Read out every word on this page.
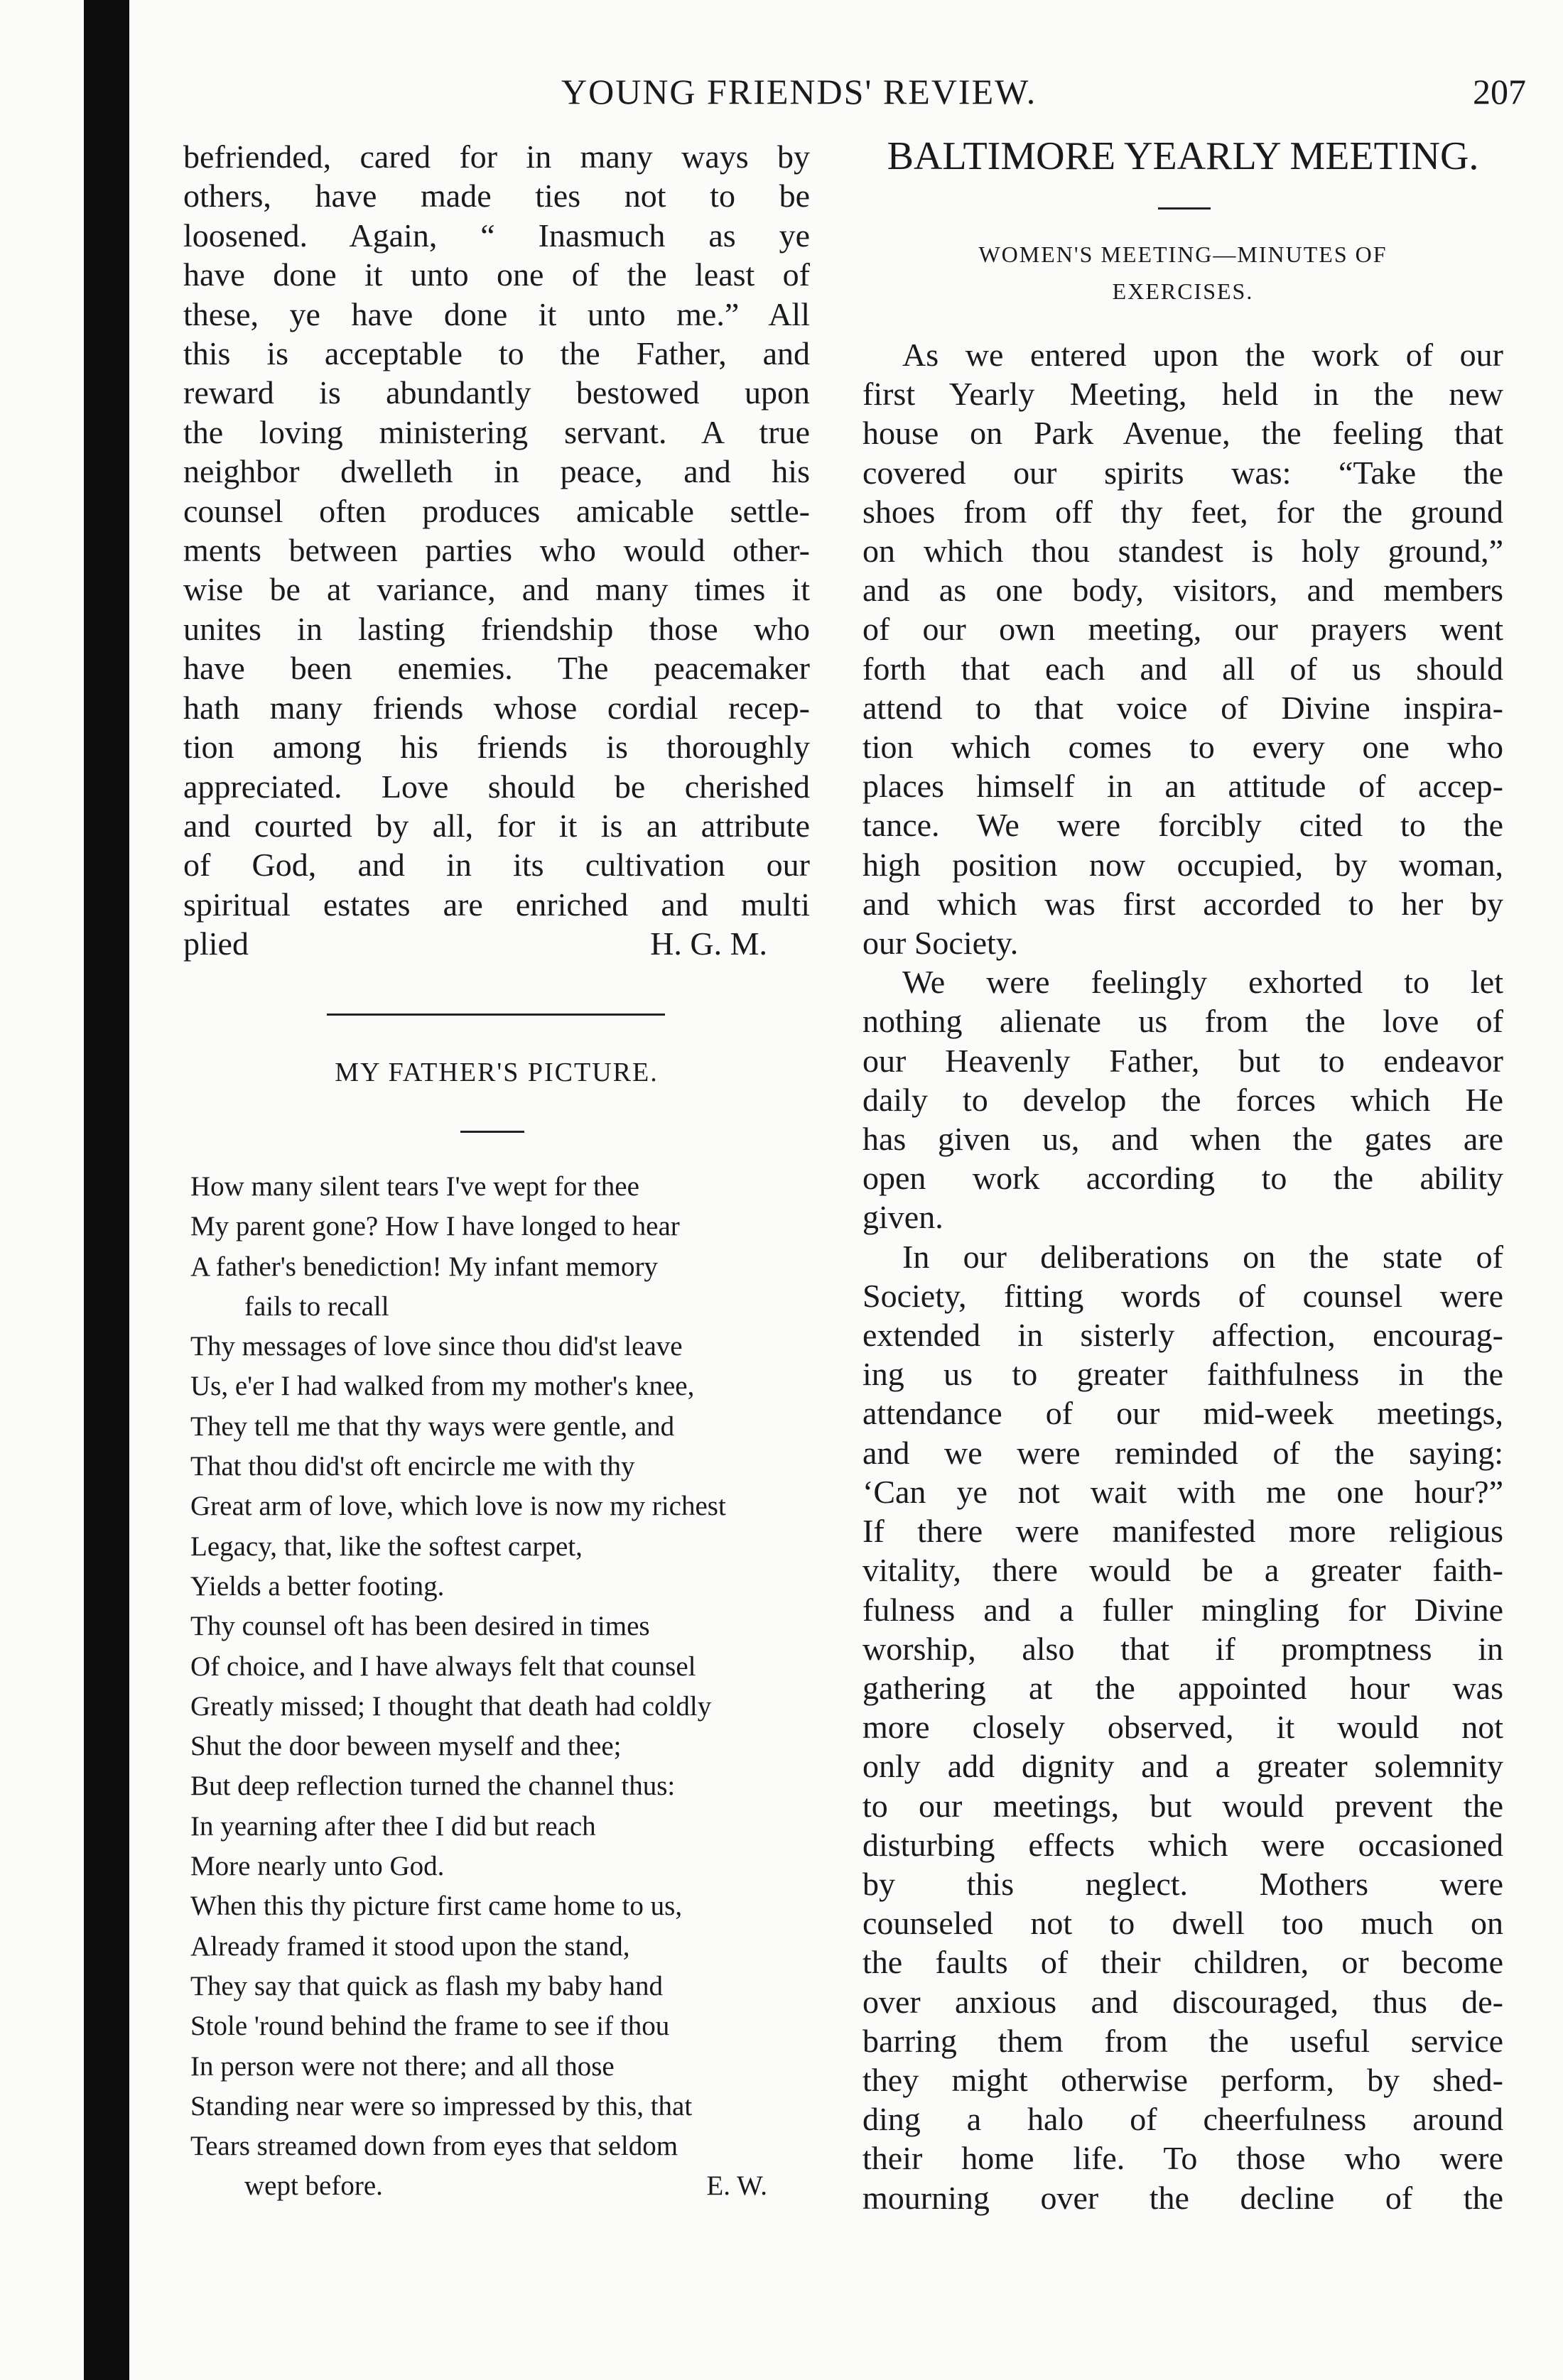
YOUNG FRIENDS' REVIEW.	207
befriended, cared for in many ways by
others, have made ties not to be
loosened. Again, “ Inasmuch as ye
have done it unto one of the least of
these, ye have done it unto me.” All
this is acceptable to the Father, and
reward is abundantly bestowed upon
the loving ministering servant. A true
neighbor dwelleth in peace, and his
counsel often produces amicable settle-
ments between parties who would other-
wise be at variance, and many times it
unites in lasting friendship those who
have been enemies. The peacemaker
hath many friends whose cordial recep-
tion among his friends is thoroughly
appreciated. Love should be cherished
and courted by all, for it is an attribute
of God, and in its cultivation our
spiritual estates are enriched and multi
plied	H. G. M.
MY FATHER'S PICTURE.
How many silent tears I've wept for thee
My parent gone? How I have longed to hear
A father's benediction! My infant memory
fails to recall
Thy messages of love since thou did'st leave
Us, e'er I had walked from my mother's knee,
They tell me that thy ways were gentle, and
That thou did'st oft encircle me with thy
Great arm of love, which love is now my richest
Legacy, that, like the softest carpet,
Yields a better footing.
Thy counsel oft has been desired in times
Of choice, and I have always felt that counsel
Greatly missed; I thought that death had coldly
Shut the door beween myself and thee;
But deep reflection turned the channel thus:
In yearning after thee I did but reach
More nearly unto God.
When this thy picture first came home to us,
Already framed it stood upon the stand,
They say that quick as flash my baby hand
Stole 'round behind the frame to see if thou
In person were not there; and all those
Standing near were so impressed by this, that
Tears streamed down from eyes that seldom
wept before.	E. W.
BALTIMORE YEARLY MEETING.
WOMEN'S MEETING—MINUTES OF
EXERCISES.
As we entered upon the work of our
first Yearly Meeting, held in the new
house on Park Avenue, the feeling that
covered our spirits was: “Take the
shoes from off thy feet, for the ground
on which thou standest is holy ground,”
and as one body, visitors, and members
of our own meeting, our prayers went
forth that each and all of us should
attend to that voice of Divine inspira-
tion which comes to every one who
places himself in an attitude of accep-
tance. We were forcibly cited to the
high position now occupied, by woman,
and which was first accorded to her by
our Society.
We were feelingly exhorted to let
nothing alienate us from the love of
our Heavenly Father, but to endeavor
daily to develop the forces which He
has given us, and when the gates are
open work according to the ability
given.
In our deliberations on the state of
Society, fitting words of counsel were
extended in sisterly affection, encourag-
ing us to greater faithfulness in the
attendance of our mid-week meetings,
and we were reminded of the saying:
‘Can ye not wait with me one hour?”
If there were manifested more religious
vitality, there would be a greater faith-
fulness and a fuller mingling for Divine
worship, also that if promptness in
gathering at the appointed hour was
more closely observed, it would not
only add dignity and a greater solemnity
to our meetings, but would prevent the
disturbing effects which were occasioned
by this neglect. Mothers were
counseled not to dwell too much on
the faults of their children, or become
over anxious and discouraged, thus de-
barring them from the useful service
they might otherwise perform, by shed-
ding a halo of cheerfulness around
their home life. To those who were
mourning over the decline of the
